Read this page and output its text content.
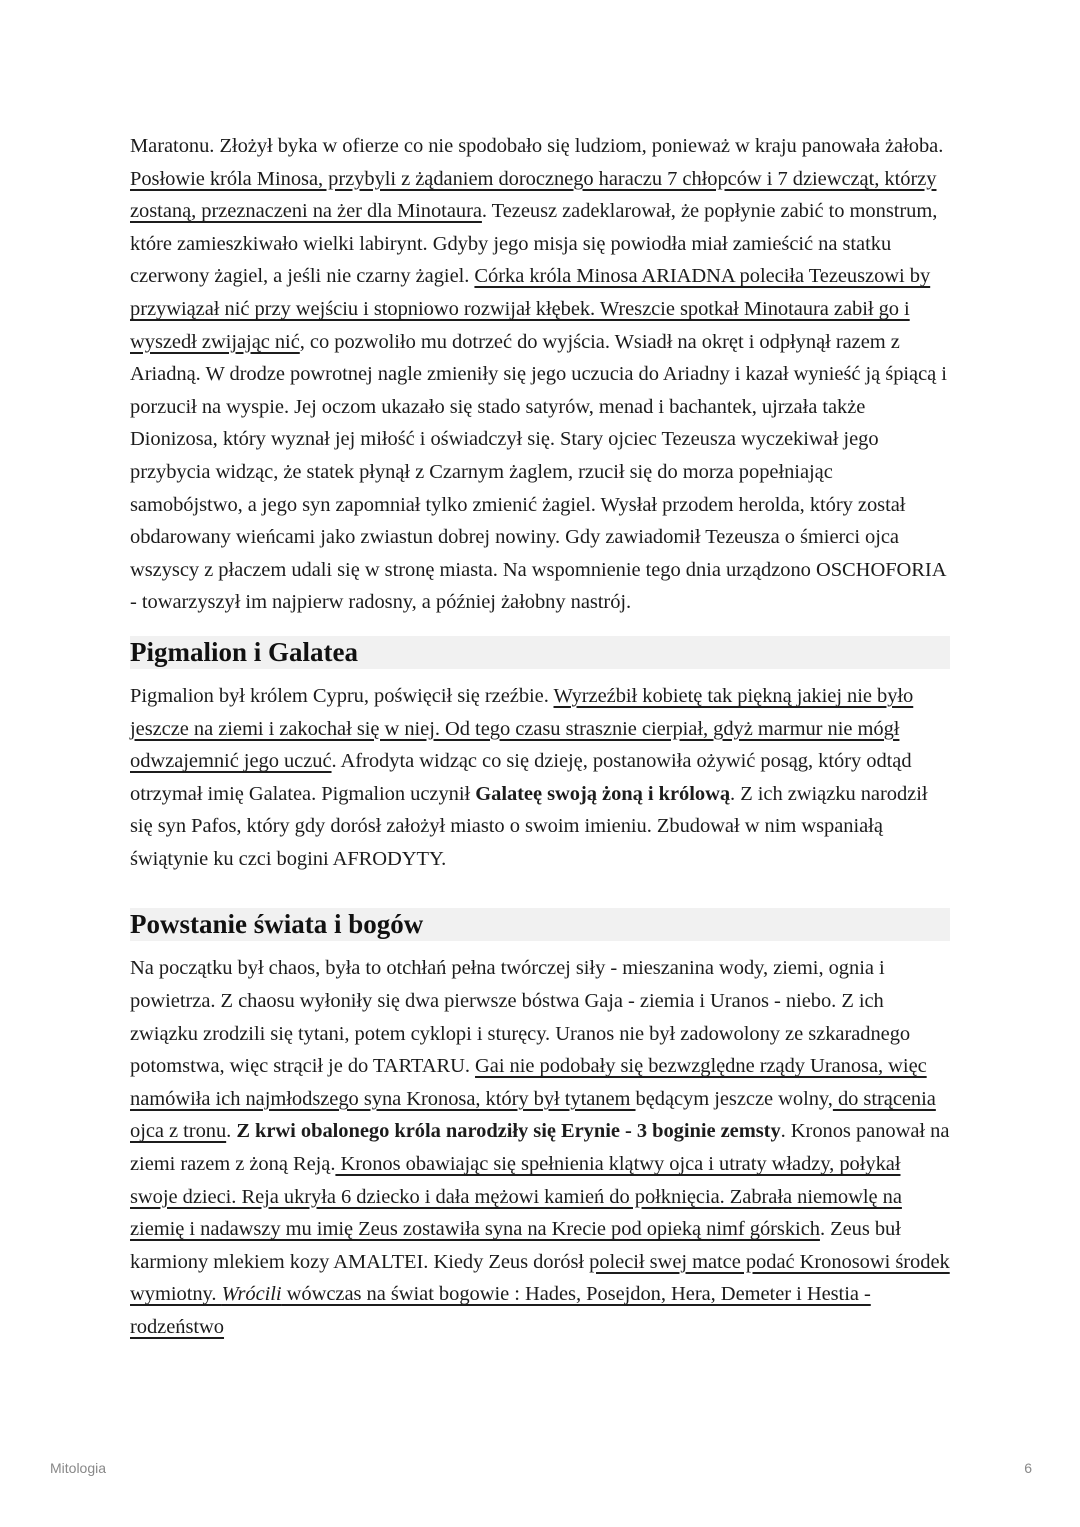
Maratonu. Złożył byka w ofierze co nie spodobało się ludziom, ponieważ w kraju panowała żałoba. Posłowie króla Minosa, przybyli z żądaniem dorocznego haraczu 7 chłopców i 7 dziewcząt, którzy zostaną, przeznaczeni na żer dla Minotaura. Tezeusz zadeklarował, że popłynie zabić to monstrum, które zamieszkiwało wielki labirynt. Gdyby jego misja się powiodła miał zamieścić na statku czerwony żagiel, a jeśli nie czarny żagiel. Córka króla Minosa ARIADNA poleciła Tezeuszowi by przywiązał nić przy wejściu i stopniowo rozwijał kłębek. Wreszcie spotkał Minotaura zabił go i wyszedł zwijając nić, co pozwoliło mu dotrzeć do wyjścia. Wsiadł na okręt i odpłynął razem z Ariadną. W drodze powrotnej nagle zmieniły się jego uczucia do Ariadny i kazał wynieść ją śpiącą i porzucił na wyspie. Jej oczom ukazało się stado satyrów, menad i bachantek, ujrzała także Dionizosa, który wyznał jej miłość i oświadczył się. Stary ojciec Tezeusza wyczekiwał jego przybycia widząc, że statek płynął z Czarnym żaglem, rzucił się do morza popełniając samobójstwo, a jego syn zapomniał tylko zmienić żagiel. Wysłał przodem herolda, który został obdarowany wieńcami jako zwiastun dobrej nowiny. Gdy zawiadomił Tezeusza o śmierci ojca wszyscy z płaczem udali się w stronę miasta. Na wspomnienie tego dnia urządzono OSCHOFORIA - towarzyszył im najpierw radosny, a później żałobny nastrój.

Pigmalion i Galatea

Pigmalion był królem Cypru, poświęcił się rzeźbie. Wyrzeźbił kobietę tak piękną jakiej nie było jeszcze na ziemi i zakochał się w niej. Od tego czasu strasznie cierpiał, gdyż marmur nie mógł odwzajemnić jego uczuć. Afrodyta widząc co się dzieję, postanowiła ożywić posąg, który odtąd otrzymał imię Galatea. Pigmalion uczynił Galateę swoją żoną i królową. Z ich związku narodził się syn Pafos, który gdy dorósł założył miasto o swoim imieniu. Zbudował w nim wspaniałą świątynie ku czci bogini AFRODYTY.

Powstanie świata i bogów

Na początku był chaos, była to otchłań pełna twórczej siły - mieszanina wody, ziemi, ognia i powietrza. Z chaosu wyłoniły się dwa pierwsze bóstwa Gaja - ziemia i Uranos - niebo. Z ich związku zrodzili się tytani, potem cyklopi i sturęcy. Uranos nie był zadowolony ze szkaradnego potomstwa, więc strącił je do TARTARU. Gai nie podobały się bezwzględne rządy Uranosa, więc namówiła ich najmłodszego syna Kronosa, który był tytanem będącym jeszcze wolny, do strącenia ojca z tronu. Z krwi obalonego króla narodziły się Erynie - 3 boginie zemsty. Kronos panował na ziemi razem z żoną Reją. Kronos obawiając się spełnienia klątwy ojca i utraty władzy, połykał swoje dzieci. Reja ukryła 6 dziecko i dała mężowi kamień do połknięcia. Zabrała niemowlę na ziemię i nadawszy mu imię Zeus zostawiła syna na Krecie pod opieką nimf górskich. Zeus buł karmiony mlekiem kozy AMALTEI. Kiedy Zeus dorósł polecił swej matce podać Kronosowi środek wymiotny. Wrócili wówczas na świat bogowie : Hades, Posejdon, Hera, Demeter i Hestia - rodzeństwo

Mitologia	6
